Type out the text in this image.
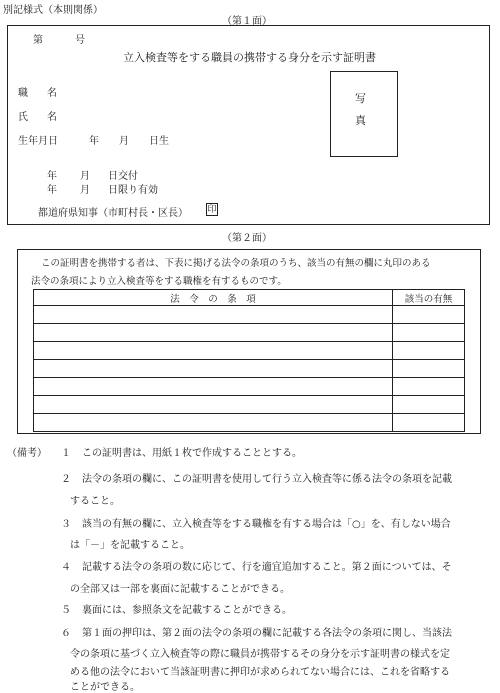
別記様式（本則関係）
（第１面）
第	号
立入検査等をする職員の携帯する身分を示す証明書
職 名
氏 名
生年月日	年 月 日生
写
真
年 月 日交付
年 月 日限り有効
都道府県知事（市町村長・区長） 印
（第２面）
この証明書を携帯する者は、下表に掲げる法令の条項のうち、該当の有無の欄に丸印のある
法令の条項により立入検査等をする職権を有するものです。
法　令　の　条　項	該当の有無

（備考） １ この証明書は、用紙１枚で作成することとする。
２ 法令の条項の欄に、この証明書を使用して行う立入検査等に係る法令の条項を記載
すること。
３ 該当の有無の欄に、立入検査等をする職権を有する場合は「○」を、有しない場合
は「－」を記載すること。
４ 記載する法令の条項の数に応じて、行を適宜追加すること。第２面については、そ
の全部又は一部を裏面に記載することができる。
５ 裏面には、参照条文を記載することができる。
６ 第１面の押印は、第２面の法令の条項の欄に記載する各法令の条項に関し、当該法
令の条項に基づく立入検査等の際に職員が携帯するその身分を示す証明書の様式を定
める他の法令において当該証明書に押印が求められてない場合には、これを省略する
ことができる。
